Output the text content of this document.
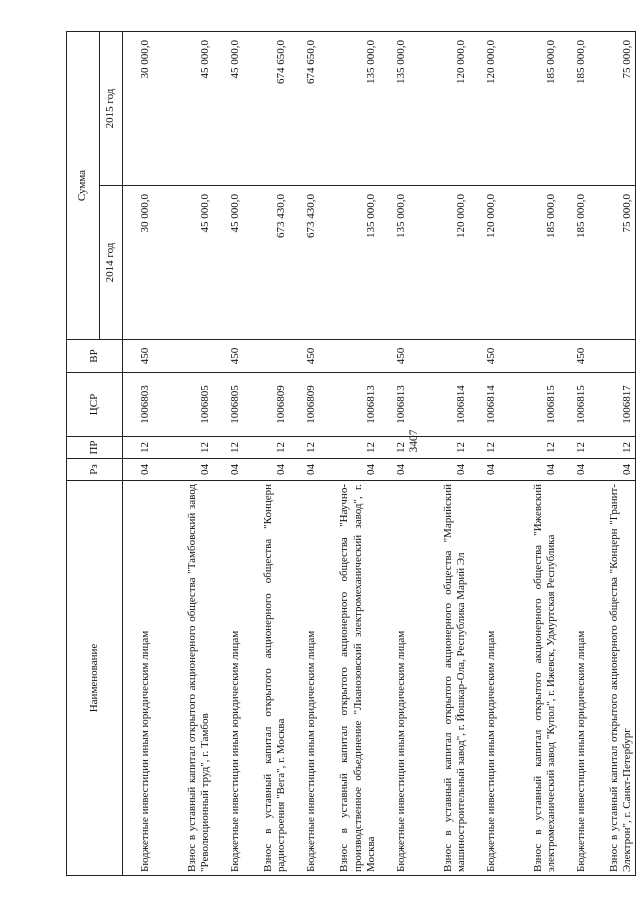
3407
Наименование	Рз	ПР	ЦСР	ВР	Сумма	
					2014 год	2015 год
Бюджетные инвестиции иным юридическим лицам	04	12	1006803	450	30 000,0	30 000,0
Взнос в уставный капитал открытого акционерного общества "Тамбовский завод "Революционный труд", г. Тамбов	04	12	1006805		45 000,0	45 000,0
Бюджетные инвестиции иным юридическим лицам	04	12	1006805	450	45 000,0	45 000,0
Взнос в уставный капитал открытого акционерного общества "Концерн радиостроения "Вега", г. Москва	04	12	1006809		673 430,0	674 650,0
Бюджетные инвестиции иным юридическим лицам	04	12	1006809	450	673 430,0	674 650,0
Взнос в уставный капитал открытого акционерного общества "Научно-производственное объединение "Лианозовский электромеханический завод", г. Москва	04	12	1006813		135 000,0	135 000,0
Бюджетные инвестиции иным юридическим лицам	04	12	1006813	450	135 000,0	135 000,0
Взнос в уставный капитал открытого акционерного общества "Марийский машиностроительный завод", г. Йошкар-Ола, Республика Марий Эл	04	12	1006814		120 000,0	120 000,0
Бюджетные инвестиции иным юридическим лицам	04	12	1006814	450	120 000,0	120 000,0
Взнос в уставный капитал открытого акционерного общества "Ижевский электромеханический завод "Купол", г. Ижевск, Удмуртская Республика	04	12	1006815		185 000,0	185 000,0
Бюджетные инвестиции иным юридическим лицам	04	12	1006815	450	185 000,0	185 000,0
Взнос в уставный капитал открытого акционерного общества "Концерн "Гранит-Электрон", г. Санкт-Петербург	04	12	1006817		75 000,0	75 000,0
